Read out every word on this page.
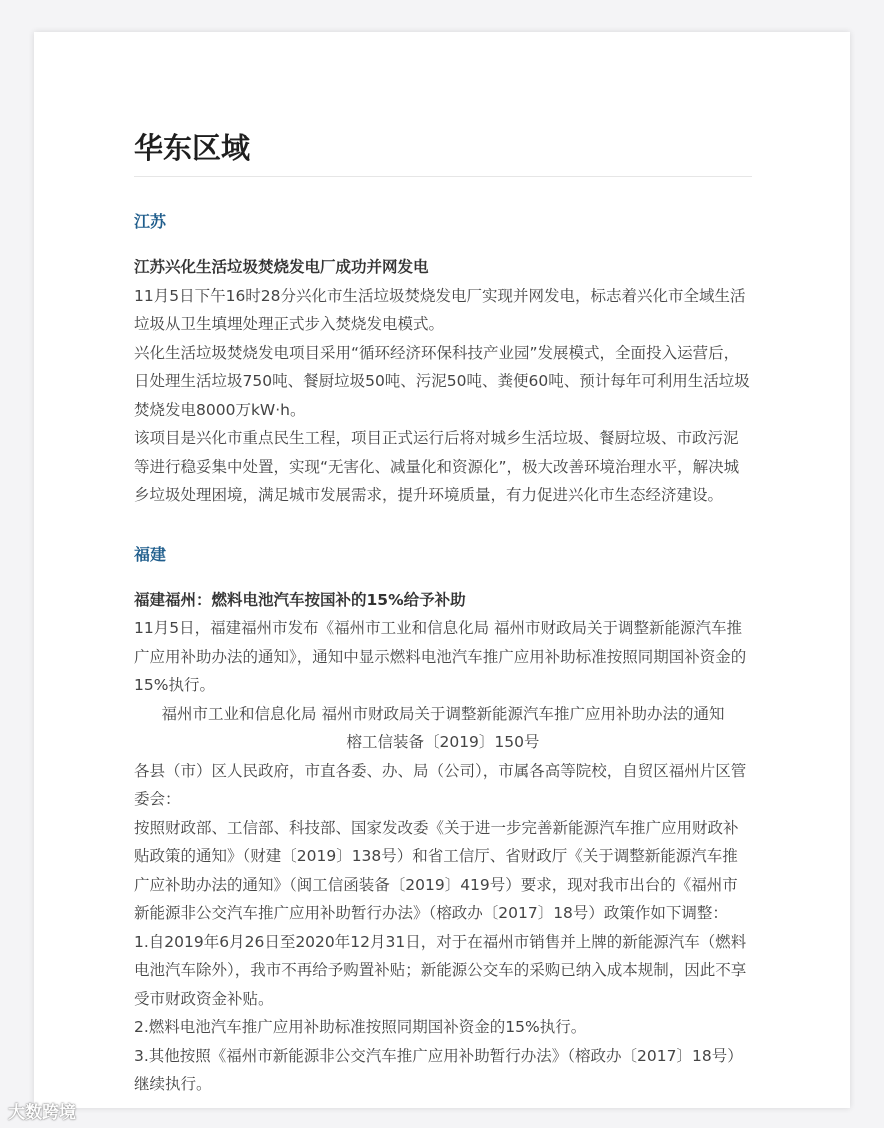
华东区域
江苏
江苏兴化生活垃圾焚烧发电厂成功并网发电

11月5日下午16时28分兴化市生活垃圾焚烧发电厂实现并网发电，标志着兴化市全域生活垃圾从卫生填埋处理正式步入焚烧发电模式。

兴化生活垃圾焚烧发电项目采用“循环经济环保科技产业园”发展模式，全面投入运营后，日处理生活垃圾750吨、餐厨垃圾50吨、污泥50吨、粪便60吨、预计每年可利用生活垃圾焚烧发电8000万kW·h。

该项目是兴化市重点民生工程，项目正式运行后将对城乡生活垃圾、餐厨垃圾、市政污泥等进行稳妥集中处置，实现“无害化、减量化和资源化”，极大改善环境治理水平，解决城乡垃圾处理困境，满足城市发展需求，提升环境质量，有力促进兴化市生态经济建设。

福建
福建福州：燃料电池汽车按国补的15%给予补助

11月5日，福建福州市发布《福州市工业和信息化局 福州市财政局关于调整新能源汽车推广应用补助办法的通知》，通知中显示燃料电池汽车推广应用补助标准按照同期国补资金的15%执行。

福州市工业和信息化局 福州市财政局关于调整新能源汽车推广应用补助办法的通知

榕工信装备〔2019〕150号

各县（市）区人民政府，市直各委、办、局（公司），市属各高等院校，自贸区福州片区管委会：

按照财政部、工信部、科技部、国家发改委《关于进一步完善新能源汽车推广应用财政补贴政策的通知》（财建〔2019〕138号）和省工信厅、省财政厅《关于调整新能源汽车推广应补助办法的通知》（闽工信函装备〔2019〕419号）要求，现对我市出台的《福州市新能源非公交汽车推广应用补助暂行办法》（榕政办〔2017〕18号）政策作如下调整：

1.自2019年6月26日至2020年12月31日，对于在福州市销售并上牌的新能源汽车（燃料电池汽车除外），我市不再给予购置补贴；新能源公交车的采购已纳入成本规制，因此不享受市财政资金补贴。

2.燃料电池汽车推广应用补助标准按照同期国补资金的15%执行。

3.其他按照《福州市新能源非公交汽车推广应用补助暂行办法》（榕政办〔2017〕18号）继续执行。

大数跨境
